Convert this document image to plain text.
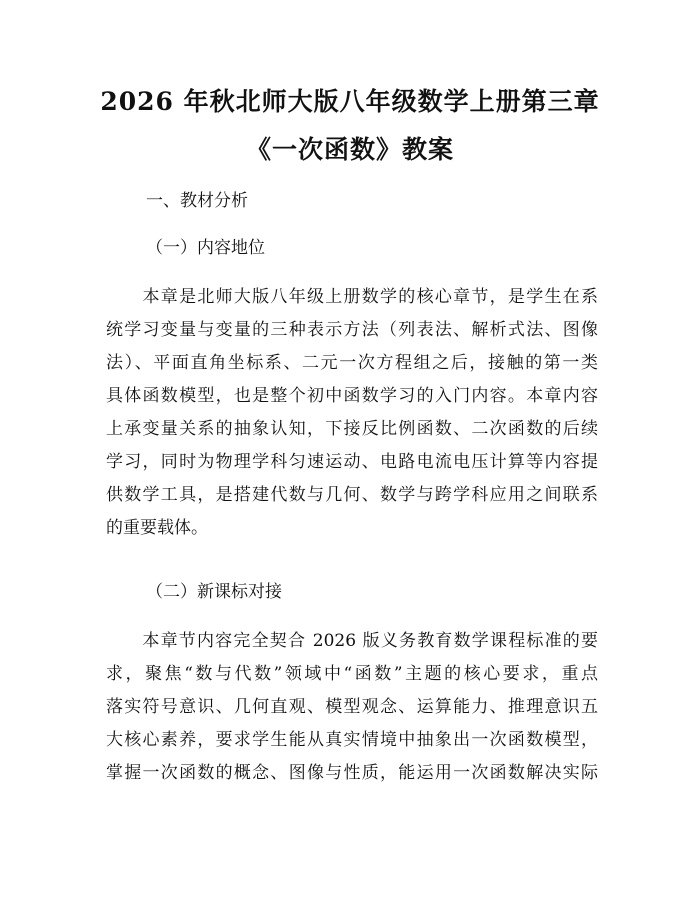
2026 年秋北师大版八年级数学上册第三章
《一次函数》教案
一、教材分析
（一）内容地位
　　本章是北师大版八年级上册数学的核心章节，是学生在系
统学习变量与变量的三种表示方法（列表法、解析式法、图像
法）、平面直角坐标系、二元一次方程组之后，接触的第一类
具体函数模型，也是整个初中函数学习的入门内容。本章内容
上承变量关系的抽象认知，下接反比例函数、二次函数的后续
学习，同时为物理学科匀速运动、电路电流电压计算等内容提
供数学工具，是搭建代数与几何、数学与跨学科应用之间联系
的重要载体。
（二）新课标对接
　　本章节内容完全契合 2026 版义务教育数学课程标准的要
求，聚焦“数与代数”领域中“函数”主题的核心要求，重点
落实符号意识、几何直观、模型观念、运算能力、推理意识五
大核心素养，要求学生能从真实情境中抽象出一次函数模型，
掌握一次函数的概念、图像与性质，能运用一次函数解决实际
